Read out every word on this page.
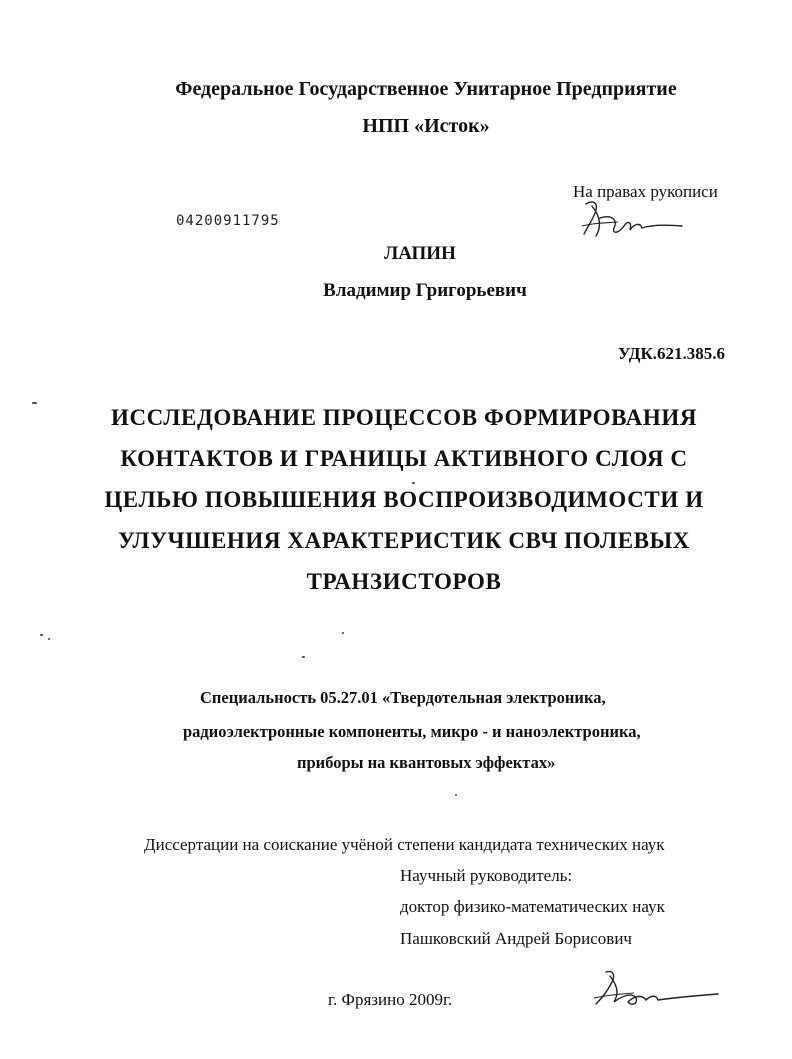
Федеральное Государственное Унитарное Предприятие
НПП «Исток»
На правах рукописи
04200911795
ЛАПИН
Владимир Григорьевич
УДК.621.385.6
ИССЛЕДОВАНИЕ ПРОЦЕССОВ ФОРМИРОВАНИЯ
КОНТАКТОВ И ГРАНИЦЫ АКТИВНОГО СЛОЯ С
ЦЕЛЬЮ ПОВЫШЕНИЯ ВОСПРОИЗВОДИМОСТИ И
УЛУЧШЕНИЯ ХАРАКТЕРИСТИК СВЧ ПОЛЕВЫХ
ТРАНЗИСТОРОВ
Специальность 05.27.01 «Твердотельная электроника,
радиоэлектронные компоненты, микро - и наноэлектроника,
приборы на квантовых эффектах»
Диссертации на соискание учёной степени кандидата технических наук
Научный руководитель:
доктор физико-математических наук
Пашковский Андрей Борисович
г. Фрязино 2009г.
